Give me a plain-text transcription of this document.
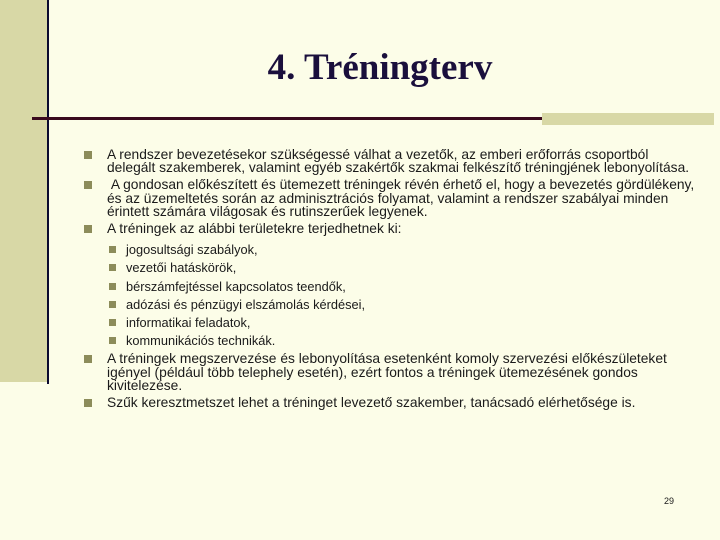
4. Tréningterv
A rendszer bevezetésekor szükségessé válhat a vezetők, az emberi erőforrás csoportból delegált szakemberek, valamint egyéb szakértők szakmai felkészítő tréningjének lebonyolítása.
A gondosan előkészített és ütemezett tréningek révén érhető el, hogy a bevezetés gördülékeny, és az üzemeltetés során az adminisztrációs folyamat, valamint a rendszer szabályai minden érintett számára világosak és rutinszerűek legyenek.
A tréningek az alábbi területekre terjedhetnek ki:
jogosultsági szabályok,
vezetői hatáskörök,
bérszámfejtéssel kapcsolatos teendők,
adózási és pénzügyi elszámolás kérdései,
informatikai feladatok,
kommunikációs technikák.
A tréningek megszervezése és lebonyolítása esetenként komoly szervezési előkészületeket igényel (például több telephely esetén), ezért fontos a tréningek ütemezésének gondos kivitelezése.
Szűk keresztmetszet lehet a tréninget levezető szakember, tanácsadó elérhetősége is.
29
